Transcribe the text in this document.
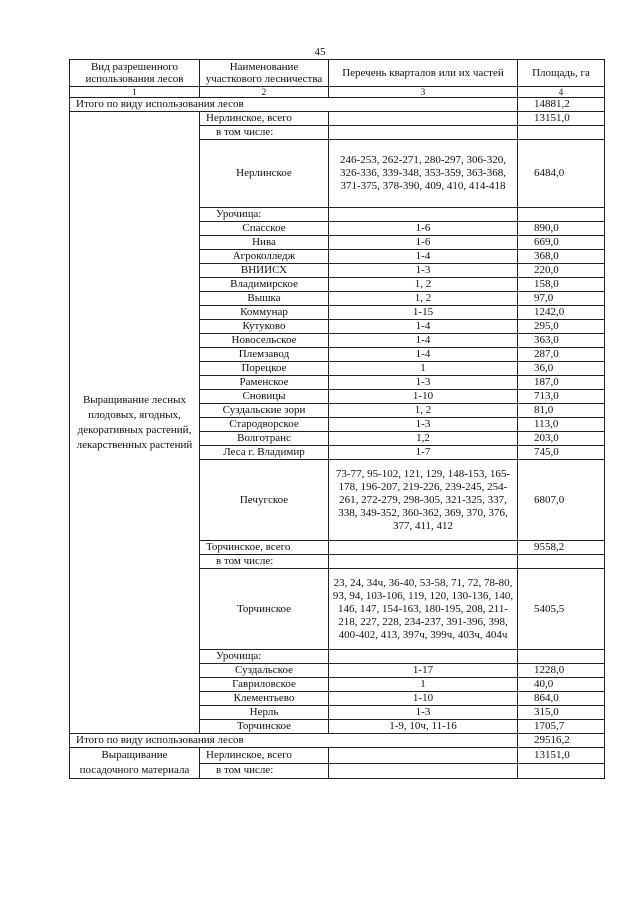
45
Вид разрешенного использования лесов	Наименование участкового лесничества	Перечень кварталов или их частей	Площадь, га
1	2	3	4
Итого по виду использования лесов			14881,2
Выращивание лесных плодовых, ягодных, декоративных растений, лекарственных растений	Нерлинское, всего		13151,0
	в том числе:		
	Нерлинское	246-253, 262-271, 280-297, 306-320, 326-336, 339-348, 353-359, 363-368, 371-375, 378-390, 409, 410, 414-418	6484,0
	Урочища:		
	Спасское	1-6	890,0
	Нива	1-6	669,0
	Агроколледж	1-4	368,0
	ВНИИСХ	1-3	220,0
	Владимирское	1, 2	158,0
	Вышка	1, 2	97,0
	Коммунар	1-15	1242,0
	Кутуково	1-4	295,0
	Новосельское	1-4	363,0
	Племзавод	1-4	287,0
	Порецкое	1	36,0
	Раменское	1-3	187,0
	Сновицы	1-10	713,0
	Суздальские зори	1, 2	81,0
	Стародворское	1-3	113,0
	Волготранс	1,2	203,0
	Леса г. Владимир	1-7	745,0
	Печугское	73-77, 95-102, 121, 129, 148-153, 165-178, 196-207, 219-226, 239-245, 254-261, 272-279, 298-305, 321-325, 337, 338, 349-352, 360-362, 369, 370, 376, 377, 411, 412	6807,0
	Торчинское, всего		9558,2
	в том числе:		
	Торчинское	23, 24, 34ч, 36-40, 53-58, 71, 72, 78-80, 93, 94, 103-106, 119, 120, 130-136, 140, 146, 147, 154-163, 180-195, 208, 211-218, 227, 228, 234-237, 391-396, 398, 400-402, 413, 397ч, 399ч, 403ч, 404ч	5405,5
	Урочища:		
	Суздальское	1-17	1228,0
	Гавриловское	1	40,0
	Клементьево	1-10	864,0
	Нерль	1-3	315,0
	Торчинское	1-9, 10ч, 11-16	1705,7
Итого по виду использования лесов			29516,2
Выращивание посадочного материала	Нерлинское, всего		13151,0
	в том числе:		
